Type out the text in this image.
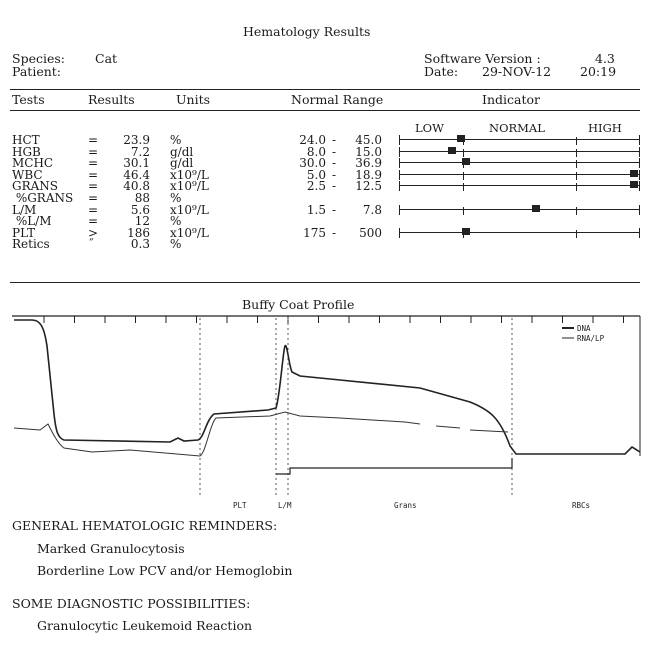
Hematology Results
Species: Cat
Patient:
Software Version :	4.3
Date: 29-NOV-12 20:19
Tests	Results	Units	Normal Range	Indicator
LOW	NORMAL	HIGH
HCT	=	23.9 %	24.0 -	45.0
HGB	=	7.2 g/dl	8.0 -	15.0
MCHC	=	30.1 g/dl	30.0 -	36.9
WBC	=	46.4 x10⁹/L	5.0 -	18.9
GRANS =	40.8 x10⁹/L	2.5 -	12.5
%GRANS =	88 %
L/M	=	5.6 x10⁹/L	1.5 -	7.8
%L/M	=	12 %
PLT	>	186 x10⁹/L	175 -	500
Retics	˝	0.3 %
Buffy Coat Profile
DNA
RNA/LP
PLT	L/M	Grans	RBCs
GENERAL HEMATOLOGIC REMINDERS:
Marked Granulocytosis
Borderline Low PCV and/or Hemoglobin
SOME DIAGNOSTIC POSSIBILITIES:
Granulocytic Leukemoid Reaction
